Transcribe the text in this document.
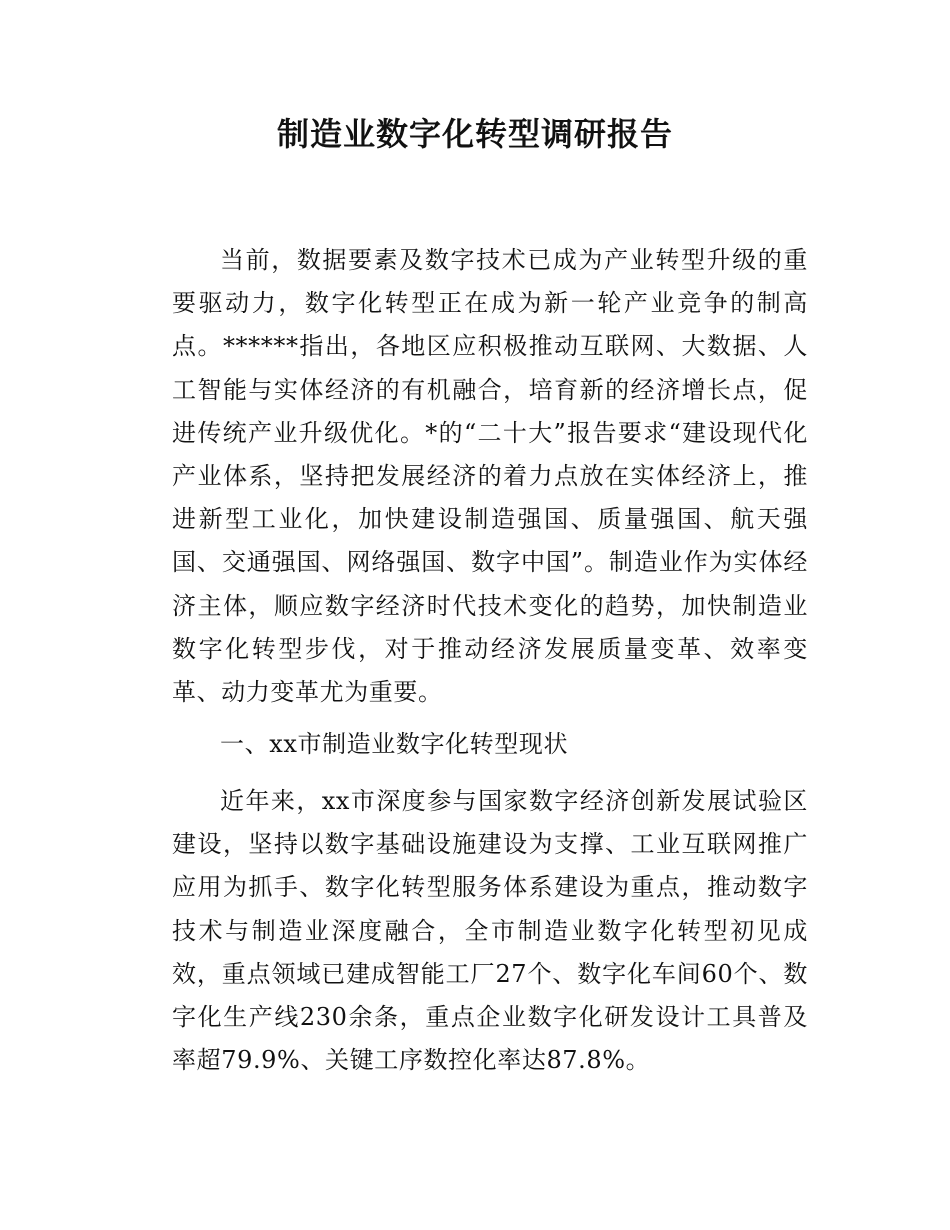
制造业数字化转型调研报告

当前，数据要素及数字技术已成为产业转型升级的重要驱动力，数字化转型正在成为新一轮产业竞争的制高点。******指出，各地区应积极推动互联网、大数据、人工智能与实体经济的有机融合，培育新的经济增长点，促进传统产业升级优化。*的“二十大”报告要求“建设现代化产业体系，坚持把发展经济的着力点放在实体经济上，推进新型工业化，加快建设制造强国、质量强国、航天强国、交通强国、网络强国、数字中国”。制造业作为实体经济主体，顺应数字经济时代技术变化的趋势，加快制造业数字化转型步伐，对于推动经济发展质量变革、效率变革、动力变革尤为重要。

一、xx市制造业数字化转型现状

近年来，xx市深度参与国家数字经济创新发展试验区建设，坚持以数字基础设施建设为支撑、工业互联网推广应用为抓手、数字化转型服务体系建设为重点，推动数字技术与制造业深度融合，全市制造业数字化转型初见成效，重点领域已建成智能工厂27个、数字化车间60个、数字化生产线230余条，重点企业数字化研发设计工具普及率超79.9%、关键工序数控化率达87.8%。
